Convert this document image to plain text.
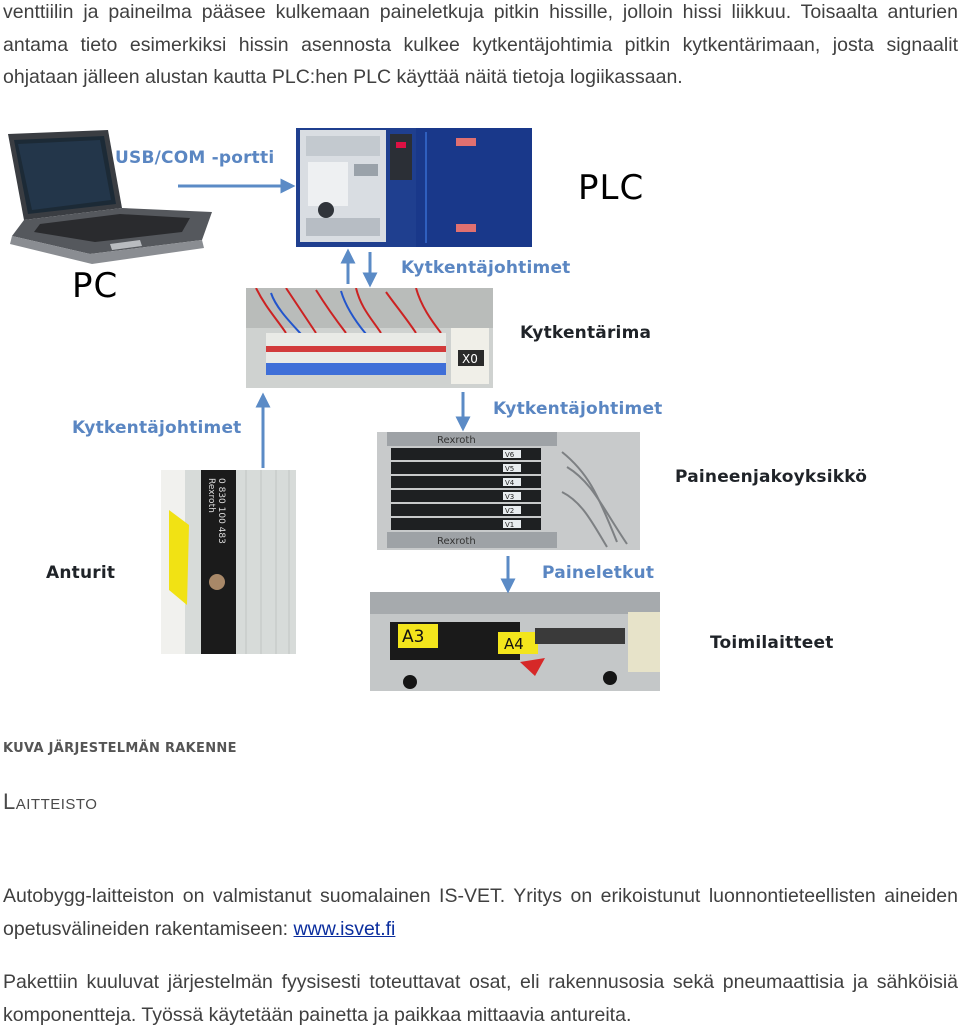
venttiilin ja paineilma pääsee kulkemaan paineletkuja pitkin hissille, jolloin hissi liikkuu. Toisaalta anturien antama tieto esimerkiksi hissin asennosta kulkee kytkentäjohtimia pitkin kytkentärimaan, josta signaalit ohjataan jälleen alustan kautta PLC:hen PLC käyttää näitä tietoja logiikassaan.

X0
Rexroth
V6
V5
V4
V3
V2
V1
Rexroth
0 830 100 483
Rexroth
A3	A4
USB/COM -portti
PLC
PC	Kytkentäjohtimet
Kytkentärima
Kytkentäjohtimet
Kytkentäjohtimet
Paineenjakoyksikkö
Anturit	Paineletkut
Toimilaitteet
KUVA JÄRJESTELMÄN RAKENNE
Laitteisto

Autobygg-laitteiston on valmistanut suomalainen IS-VET. Yritys on erikoistunut luonnontieteellisten aineiden opetusvälineiden rakentamiseen: www.isvet.fi

Pakettiin kuuluvat järjestelmän fyysisesti toteuttavat osat, eli rakennusosia sekä pneumaattisia ja sähköisiä komponentteja. Työssä käytetään painetta ja paikkaa mittaavia antureita.
